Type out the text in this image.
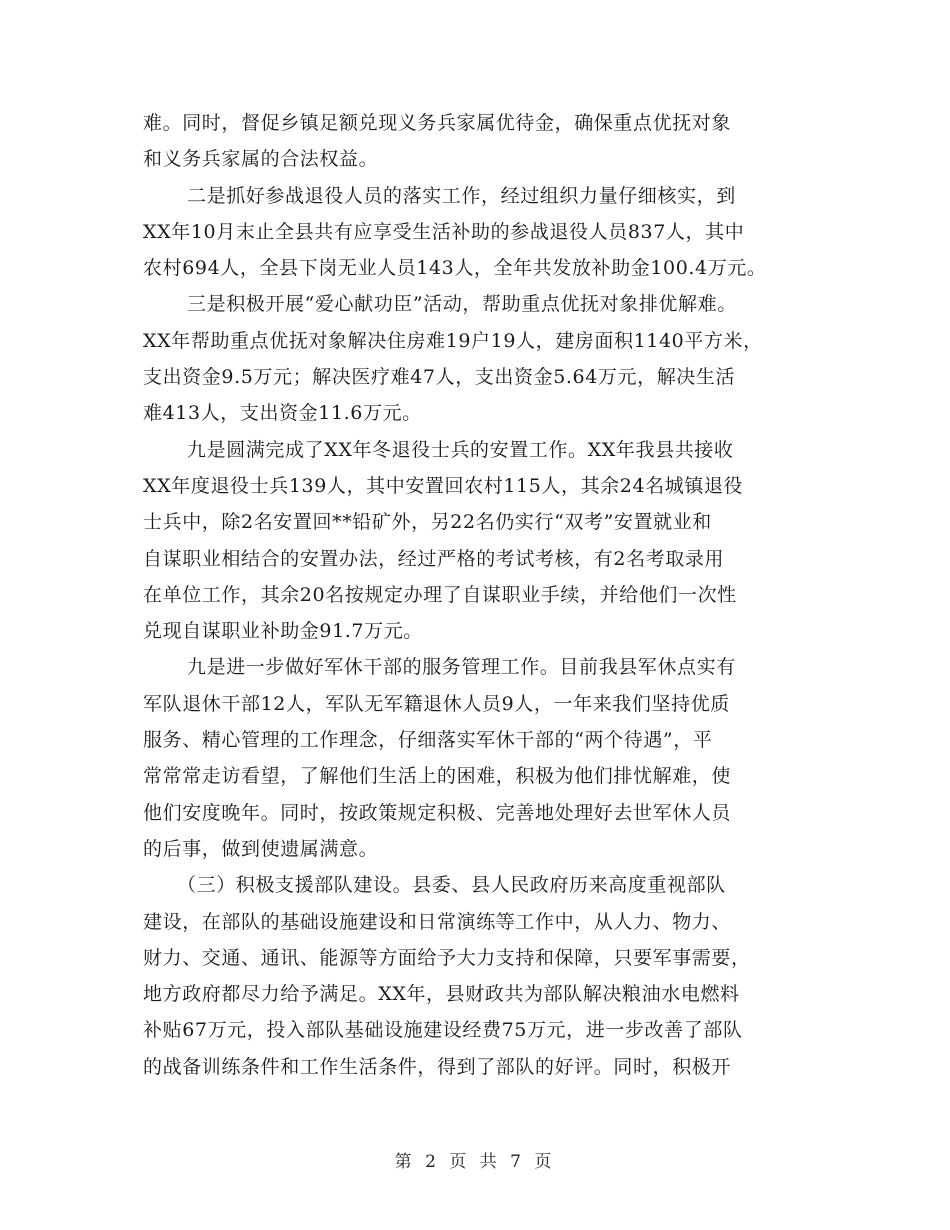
难。同时，督促乡镇足额兑现义务兵家属优待金，确保重点优抚对象
和义务兵家属的合法权益。
二是抓好参战退役人员的落实工作，经过组织力量仔细核实，到
XX年10月末止全县共有应享受生活补助的参战退役人员837人，其中
农村694人，全县下岗无业人员143人，全年共发放补助金100.4万元。
三是积极开展“爱心献功臣”活动，帮助重点优抚对象排优解难。
XX年帮助重点优抚对象解决住房难19户19人，建房面积1140平方米，
支出资金9.5万元；解决医疗难47人，支出资金5.64万元，解决生活
难413人，支出资金11.6万元。
九是圆满完成了XX年冬退役士兵的安置工作。XX年我县共接收
XX年度退役士兵139人，其中安置回农村115人，其余24名城镇退役
士兵中，除2名安置回**铅矿外，另22名仍实行“双考”安置就业和
自谋职业相结合的安置办法，经过严格的考试考核，有2名考取录用
在单位工作，其余20名按规定办理了自谋职业手续，并给他们一次性
兑现自谋职业补助金91.7万元。
九是进一步做好军休干部的服务管理工作。目前我县军休点实有
军队退休干部12人，军队无军籍退休人员9人，一年来我们坚持优质
服务、精心管理的工作理念，仔细落实军休干部的“两个待遇”，平
常常常走访看望，了解他们生活上的困难，积极为他们排忧解难，使
他们安度晚年。同时，按政策规定积极、完善地处理好去世军休人员
的后事，做到使遗属满意。
（三）积极支援部队建设。县委、县人民政府历来高度重视部队
建设，在部队的基础设施建设和日常演练等工作中，从人力、物力、
财力、交通、通讯、能源等方面给予大力支持和保障，只要军事需要，
地方政府都尽力给予满足。XX年，县财政共为部队解决粮油水电燃料
补贴67万元，投入部队基础设施建设经费75万元，进一步改善了部队
的战备训练条件和工作生活条件，得到了部队的好评。同时，积极开
第 2 页 共 7 页
